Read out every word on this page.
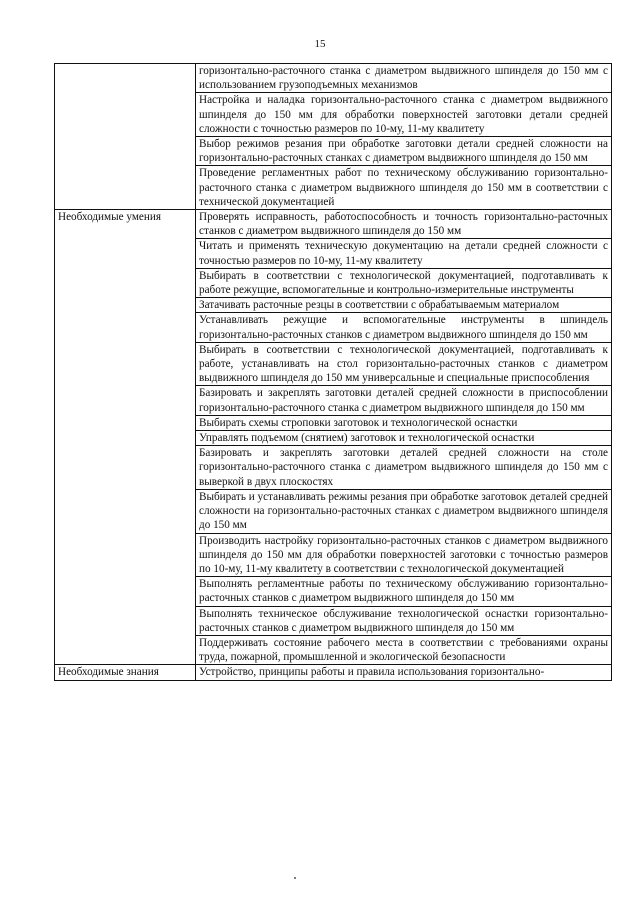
15
	горизонтально-расточного станка с диаметром выдвижного шпинделя до 150 мм с использованием грузоподъемных механизмов
	Настройка и наладка горизонтально-расточного станка с диаметром выдвижного шпинделя до 150 мм для обработки поверхностей заготовки детали средней сложности с точностью размеров по 10-му, 11-му квалитету
	Выбор режимов резания при обработке заготовки детали средней сложности на горизонтально-расточных станках с диаметром выдвижного шпинделя до 150 мм
	Проведение регламентных работ по техническому обслуживанию горизонтально-расточного станка с диаметром выдвижного шпинделя до 150 мм в соответствии с технической документацией
Необходимые умения	Проверять исправность, работоспособность и точность горизонтально-расточных станков с диаметром выдвижного шпинделя до 150 мм
	Читать и применять техническую документацию на детали средней сложности с точностью размеров по 10-му, 11-му квалитету
	Выбирать в соответствии с технологической документацией, подготавливать к работе режущие, вспомогательные и контрольно-измерительные инструменты
	Затачивать расточные резцы в соответствии с обрабатываемым материалом
	Устанавливать режущие и вспомогательные инструменты в шпиндель горизонтально-расточных станков с диаметром выдвижного шпинделя до 150 мм
	Выбирать в соответствии с технологической документацией, подготавливать к работе, устанавливать на стол горизонтально-расточных станков с диаметром выдвижного шпинделя до 150 мм универсальные и специальные приспособления
	Базировать и закреплять заготовки деталей средней сложности в приспособлении горизонтально-расточного станка с диаметром выдвижного шпинделя до 150 мм
	Выбирать схемы строповки заготовок и технологической оснастки
	Управлять подъемом (снятием) заготовок и технологической оснастки
	Базировать и закреплять заготовки деталей средней сложности на столе горизонтально-расточного станка с диаметром выдвижного шпинделя до 150 мм с выверкой в двух плоскостях
	Выбирать и устанавливать режимы резания при обработке заготовок деталей средней сложности на горизонтально-расточных станках с диаметром выдвижного шпинделя до 150 мм
	Производить настройку горизонтально-расточных станков с диаметром выдвижного шпинделя до 150 мм для обработки поверхностей заготовки с точностью размеров по 10-му, 11-му квалитету в соответствии с технологической документацией
	Выполнять регламентные работы по техническому обслуживанию горизонтально-расточных станков с диаметром выдвижного шпинделя до 150 мм
	Выполнять техническое обслуживание технологической оснастки горизонтально-расточных станков с диаметром выдвижного шпинделя до 150 мм
	Поддерживать состояние рабочего места в соответствии с требованиями охраны труда, пожарной, промышленной и экологической безопасности
Необходимые знания	Устройство, принципы работы и правила использования горизонтально-
